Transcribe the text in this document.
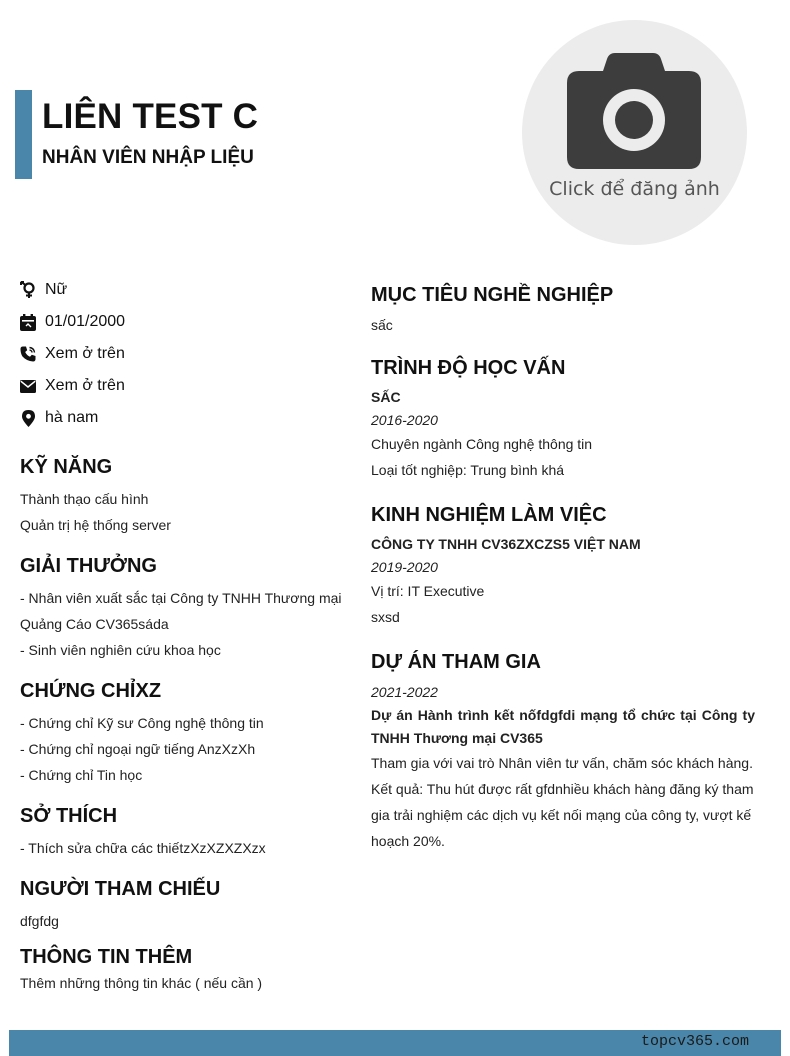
LIÊN TEST C
NHÂN VIÊN NHẬP LIỆU
Click để đăng ảnh
Nữ
01/01/2000
Xem ở trên
Xem ở trên
hà nam
KỸ NĂNG
Thành thạo cấu hình
Quản trị hệ thống server
GIẢI THƯỞNG
- Nhân viên xuất sắc tại Công ty TNHH Thương mại
Quảng Cáo CV365sáda
- Sinh viên nghiên cứu khoa học
CHỨNG CHỈXZ
- Chứng chỉ Kỹ sư Công nghệ thông tin
- Chứng chỉ ngoại ngữ tiếng AnzXzXh
- Chứng chỉ Tin học
SỞ THÍCH
- Thích sửa chữa các thiếtzXzXZXZXzx
NGƯỜI THAM CHIẾU
dfgfdg
THÔNG TIN THÊM
Thêm những thông tin khác ( nếu cần )
MỤC TIÊU NGHỀ NGHIỆP
sấc
TRÌNH ĐỘ HỌC VẤN
SẤC
2016-2020
Chuyên ngành Công nghệ thông tin
Loại tốt nghiệp: Trung bình khá
KINH NGHIỆM LÀM VIỆC
CÔNG TY TNHH CV36ZXCZS5 VIỆT NAM
2019-2020
Vị trí: IT Executive
sxsd
DỰ ÁN THAM GIA
2021-2022
Dự án Hành trình kết nốfdgfdi mạng tổ chức tại Công ty
TNHH Thương mại CV365
Tham gia với vai trò Nhân viên tư vấn, chăm sóc khách hàng.
Kết quả: Thu hút được rất gfdnhiều khách hàng đăng ký tham
gia trải nghiệm các dịch vụ kết nối mạng của công ty, vượt kế
hoạch 20%.
topcv365.com
